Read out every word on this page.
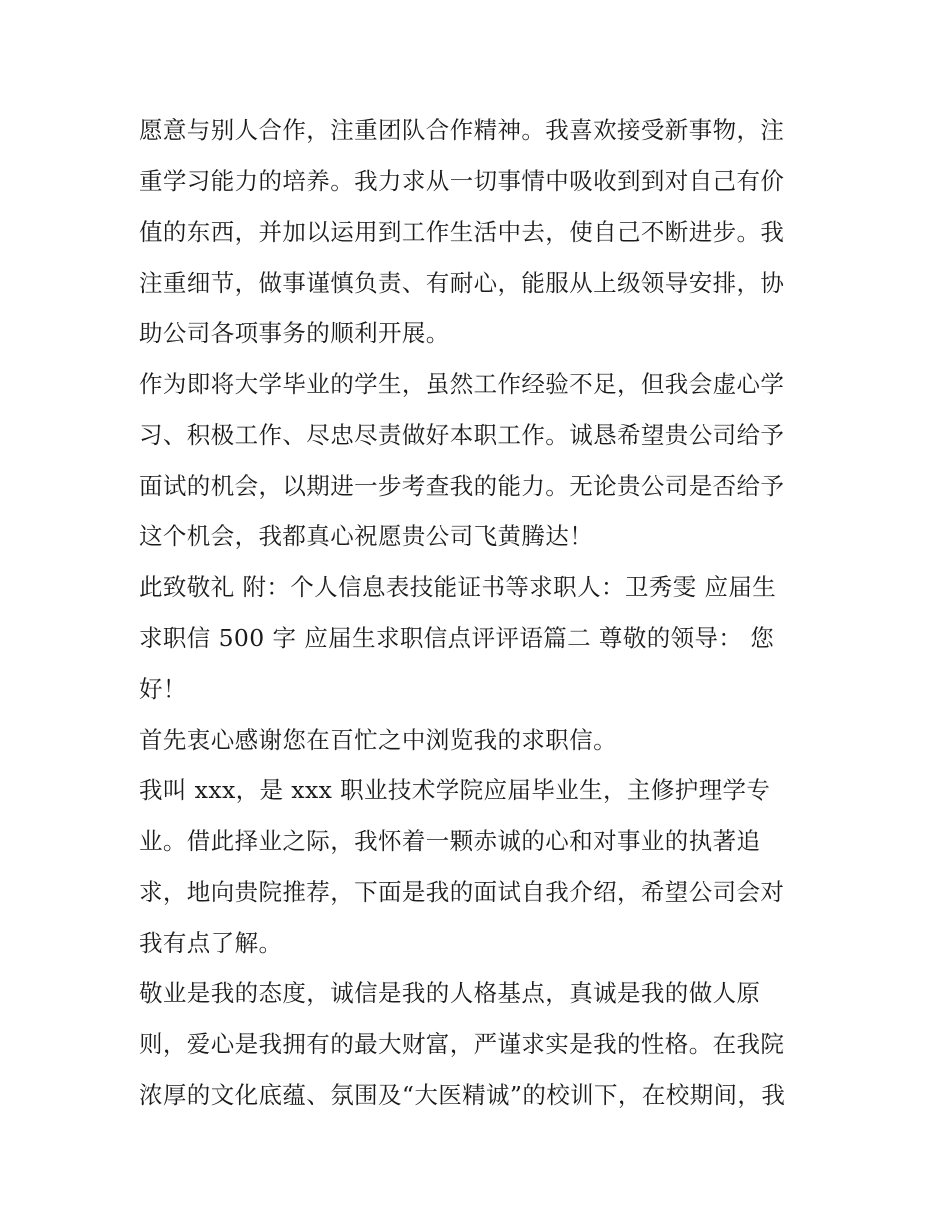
愿意与别人合作，注重团队合作精神。我喜欢接受新事物，注
重学习能力的培养。我力求从一切事情中吸收到到对自己有价
值的东西，并加以运用到工作生活中去，使自己不断进步。我
注重细节，做事谨慎负责、有耐心，能服从上级领导安排，协
助公司各项事务的顺利开展。
作为即将大学毕业的学生，虽然工作经验不足，但我会虚心学
习、积极工作、尽忠尽责做好本职工作。诚恳希望贵公司给予
面试的机会，以期进一步考查我的能力。无论贵公司是否给予
这个机会，我都真心祝愿贵公司飞黄腾达！
此致敬礼 附：个人信息表技能证书等求职人：卫秀雯 应届生
求职信 500 字 应届生求职信点评评语篇二 尊敬的领导： 您
好！
首先衷心感谢您在百忙之中浏览我的求职信。
我叫 xxx，是 xxx 职业技术学院应届毕业生，主修护理学专
业。借此择业之际，我怀着一颗赤诚的心和对事业的执著追
求，地向贵院推荐，下面是我的面试自我介绍，希望公司会对
我有点了解。
敬业是我的态度，诚信是我的人格基点，真诚是我的做人原
则，爱心是我拥有的最大财富，严谨求实是我的性格。在我院
浓厚的文化底蕴、氛围及“大医精诚”的校训下，在校期间，我
